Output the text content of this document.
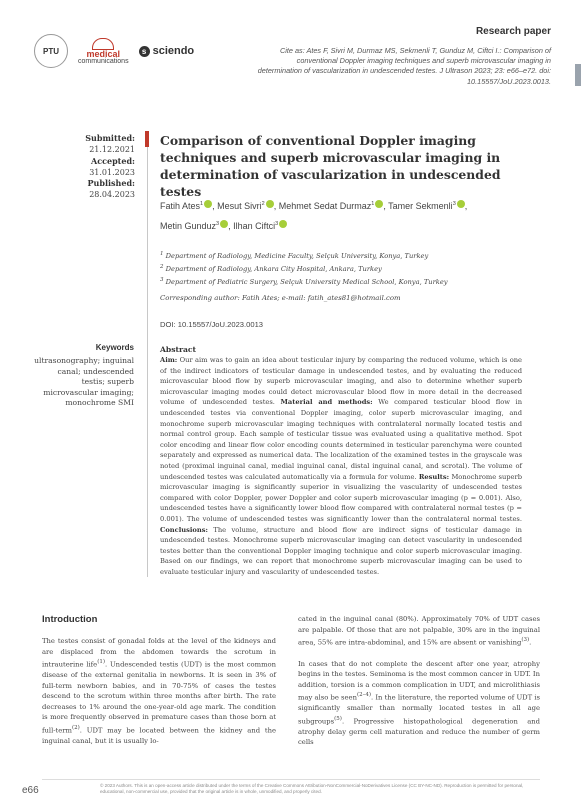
PTU	medical
communications
s sciendo
Research paper
Cite as: Ates F, Sivri M, Durmaz MS, Sekmenli T, Gunduz M, Ciftci I.: Comparison of conventional Doppler imaging techniques and superb microvascular imaging in determination of vascularization in undescended testes. J Ultrason 2023; 23: e66–e72. doi: 10.15557/JoU.2023.0013.
Submitted:
21.12.2021
Accepted:
31.01.2023
Published:
28.04.2023
Comparison of conventional Doppler imaging techniques and superb microvascular imaging in determination of vascularization in undescended testes
Fatih Ates$^1$ , Mesut Sivri$^2$ , Mehmet Sedat Durmaz$^1$ , Tamer Sekmenli$^3$ ,
Metin Gunduz$^3$ , Ilhan Ciftci$^3$
$^1$ Department of Radiology, Medicine Faculty, Selçuk University, Konya, Turkey
$^2$ Department of Radiology, Ankara City Hospital, Ankara, Turkey
$^3$ Department of Pediatric Surgery, Selçuk University Medical School, Konya, Turkey
Corresponding author: Fatih Ates; e-mail: fatih_ates81@hotmail.com
DOI: 10.15557/JoU.2023.0013
Keywords
ultrasonography; inguinal canal; undescended testis; superb microvascular imaging; monochrome SMI
Abstract
Aim: Our aim was to gain an idea about testicular injury by comparing the reduced volume, which is one of the indirect indicators of testicular damage in undescended testes, and by evaluating the reduced microvascular blood flow by superb microvascular imaging, and also to determine whether superb microvascular imaging modes could detect microvascular blood flow in more detail in the decreased volume of undescended testes. Material and methods: We compared testicular blood flow in undescended testes via conventional Doppler imaging, color superb microvascular imaging, and monochrome superb microvascular imaging techniques with contralateral normally located testis and normal control group. Each sample of testicular tissue was evaluated using a qualitative method. Spot color encoding and linear flow color encoding counts determined in testicular parenchyma were counted separately and expressed as numerical data. The localization of the examined testes in the grayscale was noted (proximal inguinal canal, medial inguinal canal, distal inguinal canal, and scrotal). The volume of undescended testes was calculated automatically via a formula for volume. Results: Monochrome superb microvascular imaging is significantly superior in visualizing the vascularity of undescended testes compared with color Doppler, power Doppler and color superb microvascular imaging (p = 0.001). Also, undescended testes have a significantly lower blood flow compared with contralateral normal testes (p = 0.001). The volume of undescended testes was significantly lower than the contralateral normal testes. Conclusions: The volume, structure and blood flow are indirect signs of testicular damage in undescended testes. Monochrome superb microvascular imaging can detect vascularity in undescended testes better than the conventional Doppler imaging technique and color superb microvascular imaging. Based on our findings, we can report that monochrome superb microvascular imaging can be used to evaluate testicular injury and vascularity of undescended testes.
Introduction
The testes consist of gonadal folds at the level of the kidneys and are displaced from the abdomen towards the scrotum in intrauterine life$^{(1)}$. Undescended testis (UDT) is the most common disease of the external genitalia in newborns. It is seen in 3% of full-term newborn babies, and in 70-75% of cases the testes descend to the scrotum within three months after birth. The rate decreases to 1% around the one-year-old age mark. The condition is more frequently observed in premature cases than those born at full-term$^{(2)}$. UDT may be located between the kidney and the inguinal canal, but it is usually lo-

cated in the inguinal canal (80%). Approximately 70% of UDT cases are palpable. Of those that are not palpable, 30% are in the inguinal area, 55% are intra-abdominal, and 15% are absent or vanishing$^{(3)}$.

In cases that do not complete the descent after one year, atrophy begins in the testes. Seminoma is the most common cancer in UDT. In addition, torsion is a common complication in UDT, and microlithiasis may also be seen$^{(2-4)}$. In the literature, the reported volume of UDT is significantly smaller than normally located testes in all age subgroups$^{(5)}$. Progressive histopathological degeneration and atrophy delay germ cell maturation and reduce the number of germ cells

e66	© 2023 Authors. This is an open-access article distributed under the terms of the Creative Commons Attribution-NonCommercial-NoDerivatives License (CC BY-NC-ND). Reproduction is permitted for personal, educational, non-commercial use, provided that the original article is in whole, unmodified, and properly cited.
